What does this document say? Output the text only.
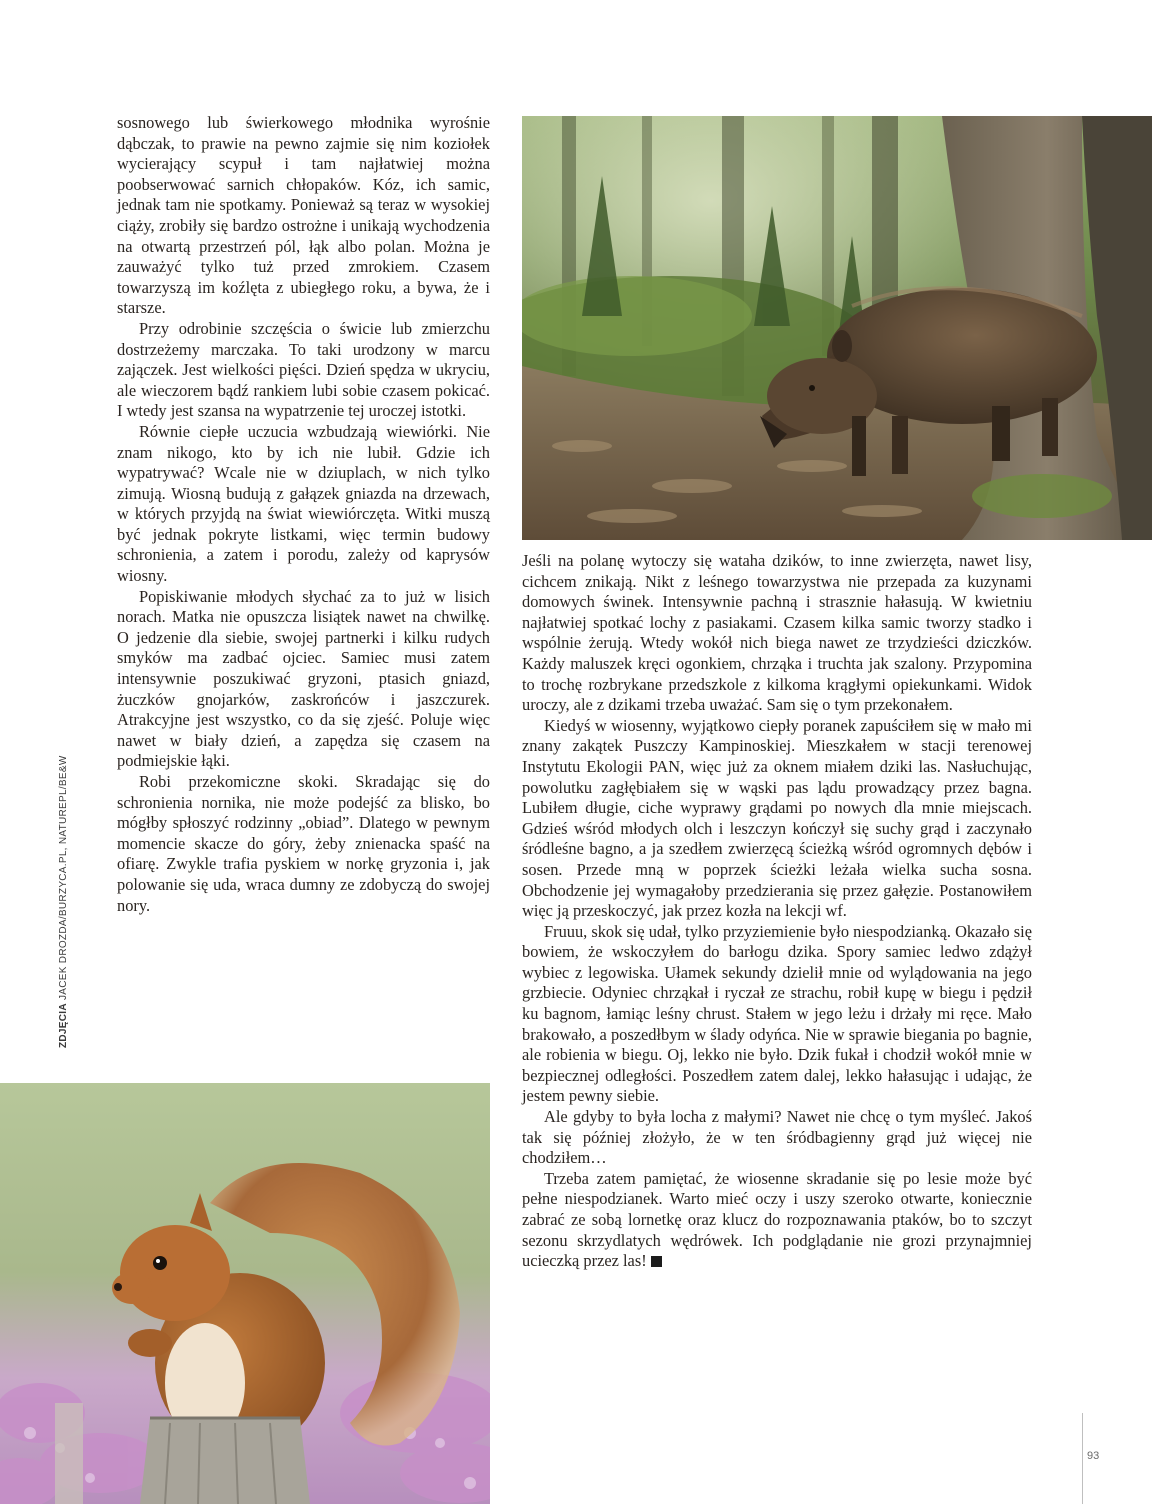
sosnowego lub świerkowego młodnika wyrośnie dąbczak, to prawie na pewno zajmie się nim koziołek wycierający scypuł i tam najłatwiej można poobserwować sarnich chłopaków. Kóz, ich samic, jednak tam nie spotkamy. Ponieważ są teraz w wysokiej ciąży, zrobiły się bardzo ostrożne i unikają wychodzenia na otwartą przestrzeń pól, łąk albo polan. Można je zauważyć tylko tuż przed zmrokiem. Czasem towarzyszą im koźlęta z ubiegłego roku, a bywa, że i starsze.

Przy odrobinie szczęścia o świcie lub zmierzchu dostrzeżemy marczaka. To taki urodzony w marcu zajączek. Jest wielkości pięści. Dzień spędza w ukryciu, ale wieczorem bądź rankiem lubi sobie czasem pokicać. I wtedy jest szansa na wypatrzenie tej uroczej istotki.

Równie ciepłe uczucia wzbudzają wiewiórki. Nie znam nikogo, kto by ich nie lubił. Gdzie ich wypatrywać? Wcale nie w dziuplach, w nich tylko zimują. Wiosną budują z gałązek gniazda na drzewach, w których przyjdą na świat wiewiórczęta. Witki muszą być jednak pokryte listkami, więc termin budowy schronienia, a zatem i porodu, zależy od kaprysów wiosny.

Popiskiwanie młodych słychać za to już w lisich norach. Matka nie opuszcza lisiątek nawet na chwilkę. O jedzenie dla siebie, swojej partnerki i kilku rudych smyków ma zadbać ojciec. Samiec musi zatem intensywnie poszukiwać gryzoni, ptasich gniazd, żuczków gnojarków, zaskrońców i jaszczurek. Atrakcyjne jest wszystko, co da się zjeść. Poluje więc nawet w biały dzień, a zapędza się czasem na podmiejskie łąki.

Robi przekomiczne skoki. Skradając się do schronienia nornika, nie może podejść za blisko, bo mógłby spłoszyć rodzinny „obiad”. Dlatego w pewnym momencie skacze do góry, żeby znienacka spaść na ofiarę. Zwykle trafia pyskiem w norkę gryzonia i, jak polowanie się uda, wraca dumny ze zdobyczą do swojej nory.

Jeśli na polanę wytoczy się wataha dzików, to inne zwierzęta, nawet lisy, cichcem znikają. Nikt z leśnego towarzystwa nie przepada za kuzynami domowych świnek. Intensywnie pachną i strasznie hałasują. W kwietniu najłatwiej spotkać lochy z pasiakami. Czasem kilka samic tworzy stadko i wspólnie żerują. Wtedy wokół nich biega nawet ze trzydzieści dziczków. Każdy maluszek kręci ogonkiem, chrząka i truchta jak szalony. Przypomina to trochę rozbrykane przedszkole z kilkoma krągłymi opiekunkami. Widok uroczy, ale z dzikami trzeba uważać. Sam się o tym przekonałem.

Kiedyś w wiosenny, wyjątkowo ciepły poranek zapuściłem się w mało mi znany zakątek Puszczy Kampinoskiej. Mieszkałem w stacji terenowej Instytutu Ekologii PAN, więc już za oknem miałem dziki las. Nasłuchując, powolutku zagłębiałem się w wąski pas lądu prowadzący przez bagna. Lubiłem długie, ciche wyprawy grądami po nowych dla mnie miejscach. Gdzieś wśród młodych olch i leszczyn kończył się suchy grąd i zaczynało śródleśne bagno, a ja szedłem zwierzęcą ścieżką wśród ogromnych dębów i sosen. Przede mną w poprzek ścieżki leżała wielka sucha sosna. Obchodzenie jej wymagałoby przedzierania się przez gałęzie. Postanowiłem więc ją przeskoczyć, jak przez kozła na lekcji wf.

Fruuu, skok się udał, tylko przyziemienie było niespodzianką. Okazało się bowiem, że wskoczyłem do barłogu dzika. Spory samiec ledwo zdążył wybiec z legowiska. Ułamek sekundy dzielił mnie od wylądowania na jego grzbiecie. Odyniec chrząkał i ryczał ze strachu, robił kupę w biegu i pędził ku bagnom, łamiąc leśny chrust. Stałem w jego leżu i drżały mi ręce. Mało brakowało, a poszedłbym w ślady odyńca. Nie w sprawie biegania po bagnie, ale robienia w biegu. Oj, lekko nie było. Dzik fukał i chodził wokół mnie w bezpiecznej odległości. Poszedłem zatem dalej, lekko hałasując i udając, że jestem pewny siebie.

Ale gdyby to była locha z małymi? Nawet nie chcę o tym myśleć. Jakoś tak się później złożyło, że w ten śródbagienny grąd już więcej nie chodziłem…

Trzeba zatem pamiętać, że wiosenne skradanie się po lesie może być pełne niespodzianek. Warto mieć oczy i uszy szeroko otwarte, koniecznie zabrać ze sobą lornetkę oraz klucz do rozpoznawania ptaków, bo to szczyt sezonu skrzydlatych wędrówek. Ich podglądanie nie grozi przynajmniej ucieczką przez las!

ZDJĘCIA JACEK DROZDA/BURZYCA.PL, NATUREPL/BE&W
93
